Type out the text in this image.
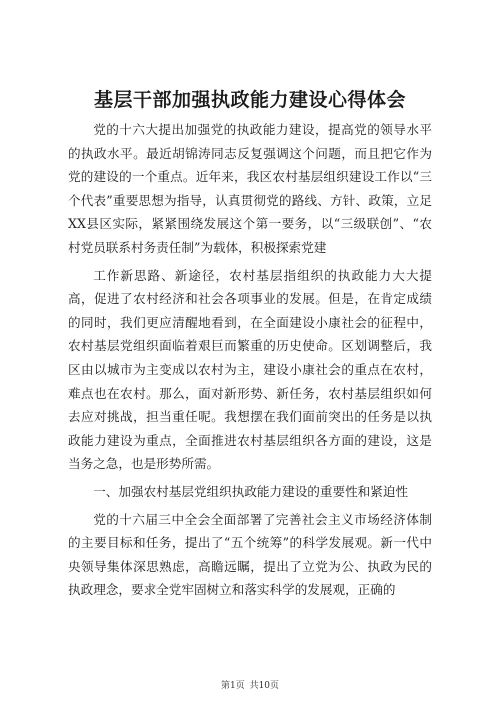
基层干部加强执政能力建设心得体会

党的十六大提出加强党的执政能力建设，提高党的领导水平的执政水平。最近胡锦涛同志反复强调这个问题，而且把它作为党的建设的一个重点。近年来，我区农村基层组织建设工作以“三个代表”重要思想为指导，认真贯彻党的路线、方针、政策，立足XX县区实际，紧紧围绕发展这个第一要务，以“三级联创”、“农村党员联系村务责任制”为载体，积极探索党建

工作新思路、新途径，农村基层指组织的执政能力大大提高，促进了农村经济和社会各项事业的发展。但是，在肯定成绩的同时，我们更应清醒地看到，在全面建设小康社会的征程中，农村基层党组织面临着艰巨而繁重的历史使命。区划调整后，我区由以城市为主变成以农村为主，建设小康社会的重点在农村，难点也在农村。那么，面对新形势、新任务，农村基层组织如何去应对挑战，担当重任呢。我想摆在我们面前突出的任务是以执政能力建设为重点，全面推进农村基层组织各方面的建设，这是当务之急，也是形势所需。

一、加强农村基层党组织执政能力建设的重要性和紧迫性

党的十六届三中全会全面部署了完善社会主义市场经济体制的主要目标和任务，提出了“五个统筹”的科学发展观。新一代中央领导集体深思熟虑，高瞻远瞩，提出了立党为公、执政为民的执政理念，要求全党牢固树立和落实科学的发展观，正确的

第1页 共10页
